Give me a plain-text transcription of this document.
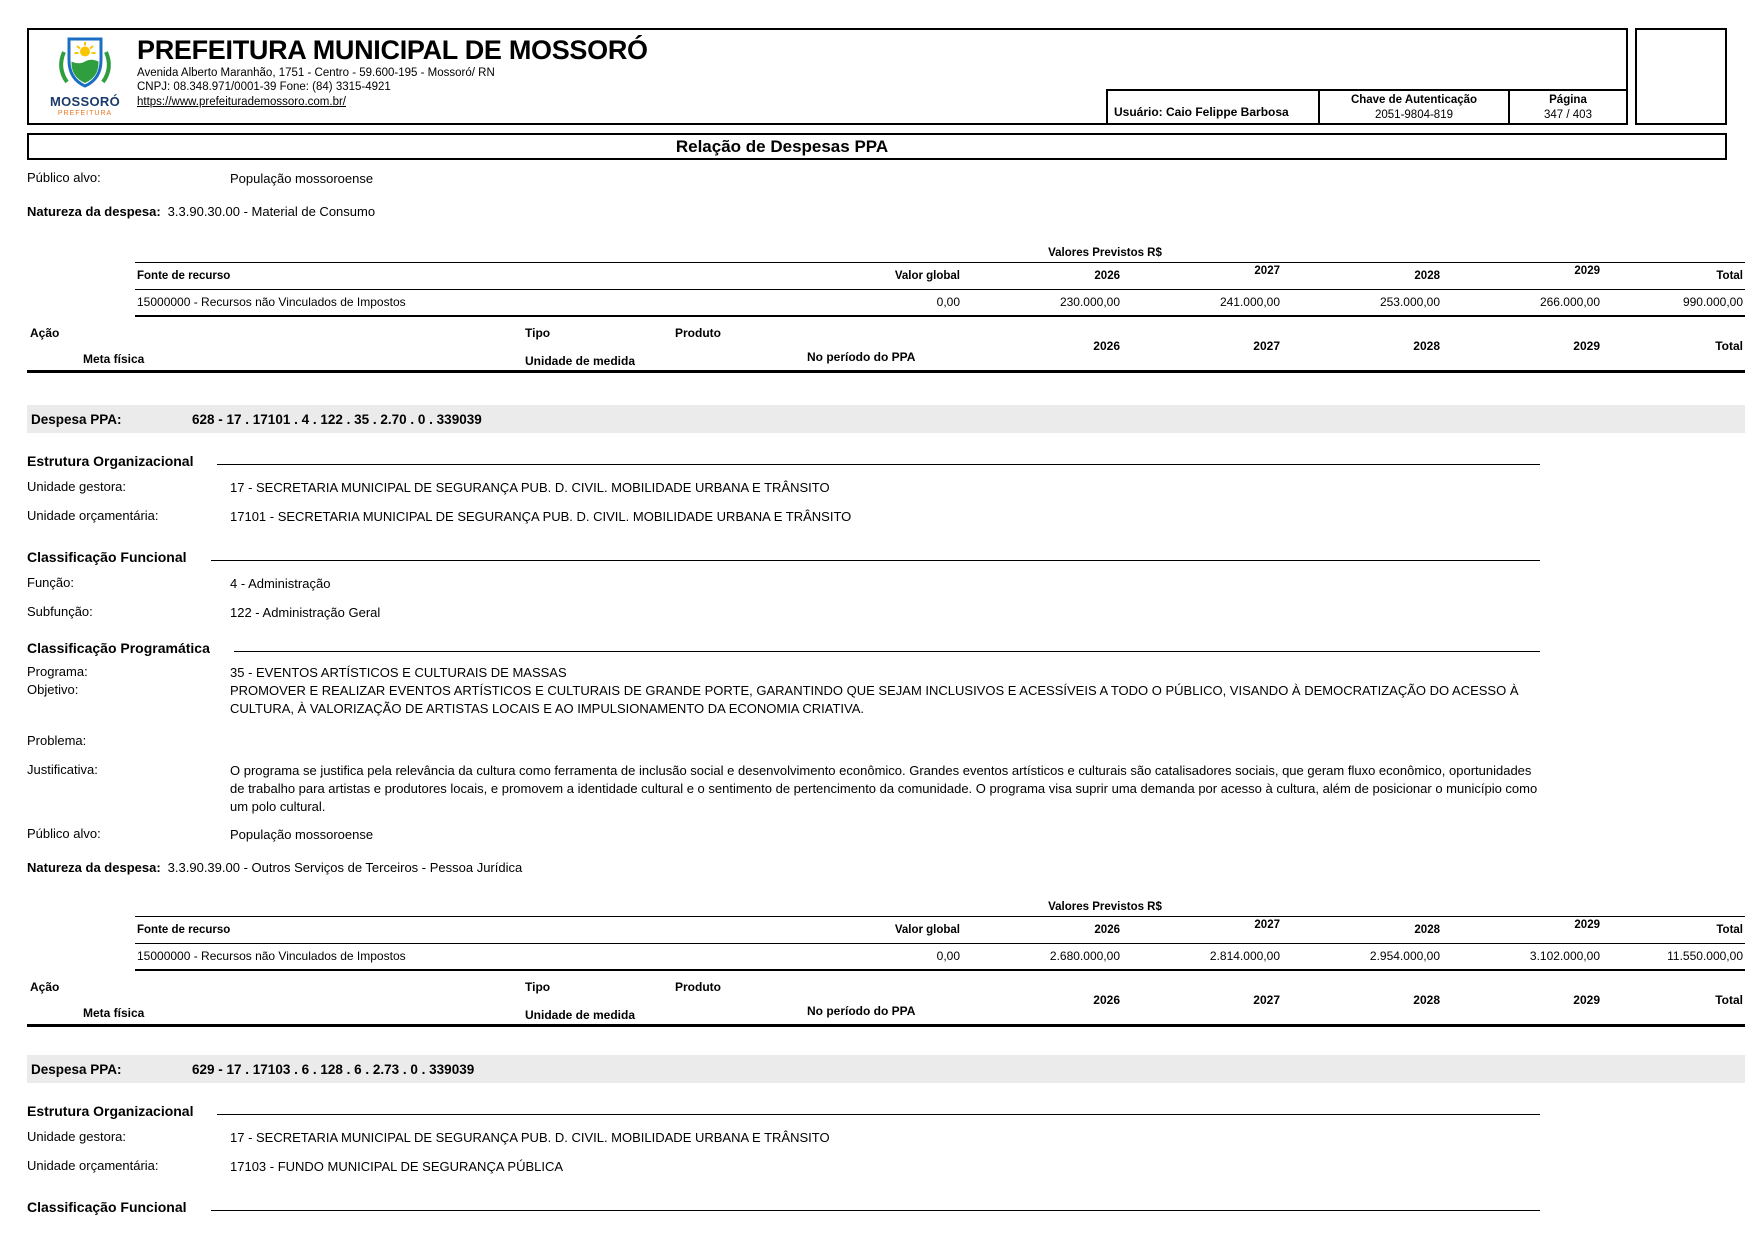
MOSSORÓ
PREFEITURA
PREFEITURA MUNICIPAL DE MOSSORÓ
Avenida Alberto Maranhão, 1751 - Centro - 59.600-195 - Mossoró/ RN
CNPJ: 08.348.971/0001-39 Fone: (84) 3315-4921
https://www.prefeiturademossoro.com.br/
Usuário: Caio Felippe Barbosa
Chave de Autenticação
2051-9804-819
Página
347 / 403
Relação de Despesas PPA
Público alvo:	População mossoroense
Natureza da despesa: 3.3.90.30.00 - Material de Consumo
Valores Previstos R$
Fonte de recurso	Valor global	2026	2027	2028	2029	Total
15000000 - Recursos não Vinculados de Impostos	0,00	230.000,00	241.000,00	253.000,00	266.000,00	990.000,00
Ação	Tipo	Produto
Meta física	Unidade de medida	No período do PPA
2026	2027	2028	2029	Total
Despesa PPA:	628 - 17 . 17101 . 4 . 122 . 35 . 2.70 . 0 . 339039
Estrutura Organizacional
Unidade gestora:	17 - SECRETARIA MUNICIPAL DE SEGURANÇA PUB. D. CIVIL. MOBILIDADE URBANA E TRÂNSITO
Unidade orçamentária:	17101 - SECRETARIA MUNICIPAL DE SEGURANÇA PUB. D. CIVIL. MOBILIDADE URBANA E TRÂNSITO
Classificação Funcional
Função:	4 - Administração
Subfunção:	122 - Administração Geral
Classificação Programática
Programa:	35 - EVENTOS ARTÍSTICOS E CULTURAIS DE MASSAS
Objetivo:	PROMOVER E REALIZAR EVENTOS ARTÍSTICOS E CULTURAIS DE GRANDE PORTE, GARANTINDO QUE SEJAM INCLUSIVOS E ACESSÍVEIS A TODO O PÚBLICO, VISANDO À DEMOCRATIZAÇÃO DO ACESSO À CULTURA, À VALORIZAÇÃO DE ARTISTAS LOCAIS E AO IMPULSIONAMENTO DA ECONOMIA CRIATIVA.
Problema:
Justificativa:	O programa se justifica pela relevância da cultura como ferramenta de inclusão social e desenvolvimento econômico. Grandes eventos artísticos e culturais são catalisadores sociais, que geram fluxo econômico, oportunidades de trabalho para artistas e produtores locais, e promovem a identidade cultural e o sentimento de pertencimento da comunidade. O programa visa suprir uma demanda por acesso à cultura, além de posicionar o município como um polo cultural.
Público alvo:	População mossoroense
Natureza da despesa: 3.3.90.39.00 - Outros Serviços de Terceiros - Pessoa Jurídica
Valores Previstos R$
Fonte de recurso	Valor global	2026	2027	2028	2029	Total
15000000 - Recursos não Vinculados de Impostos	0,00	2.680.000,00	2.814.000,00	2.954.000,00	3.102.000,00	11.550.000,00
Ação	Tipo	Produto
Meta física	Unidade de medida	No período do PPA
2026	2027	2028	2029	Total
Despesa PPA:	629 - 17 . 17103 . 6 . 128 . 6 . 2.73 . 0 . 339039
Estrutura Organizacional
Unidade gestora:	17 - SECRETARIA MUNICIPAL DE SEGURANÇA PUB. D. CIVIL. MOBILIDADE URBANA E TRÂNSITO
Unidade orçamentária:	17103 - FUNDO MUNICIPAL DE SEGURANÇA PÚBLICA
Classificação Funcional
